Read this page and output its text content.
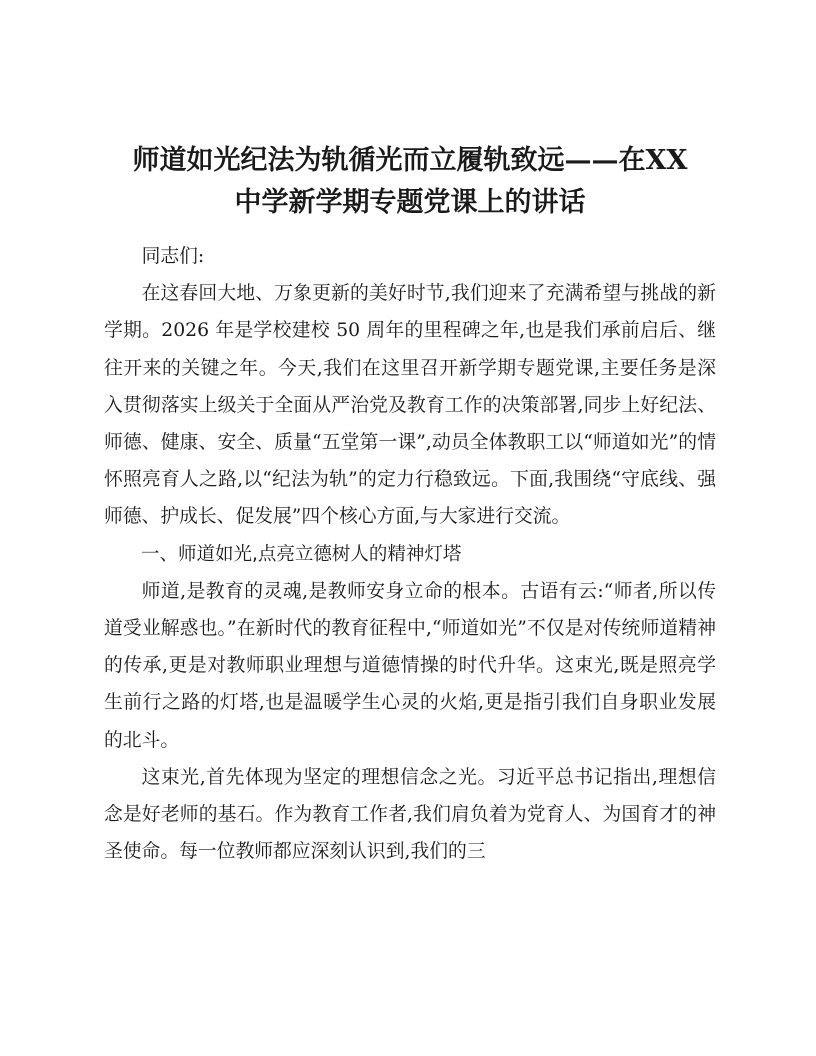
师道如光纪法为轨循光而立履轨致远——在XX
中学新学期专题党课上的讲话

同志们:

在这春回大地、万象更新的美好时节,我们迎来了充满希望与挑战的新学期。2026 年是学校建校 50 周年的里程碑之年,也是我们承前启后、继往开来的关键之年。今天,我们在这里召开新学期专题党课,主要任务是深入贯彻落实上级关于全面从严治党及教育工作的决策部署,同步上好纪法、师德、健康、安全、质量“五堂第一课”,动员全体教职工以“师道如光”的情怀照亮育人之路,以“纪法为轨”的定力行稳致远。下面,我围绕“守底线、强师德、护成长、促发展”四个核心方面,与大家进行交流。

一、师道如光,点亮立德树人的精神灯塔

师道,是教育的灵魂,是教师安身立命的根本。古语有云:“师者,所以传道受业解惑也。”在新时代的教育征程中,“师道如光”不仅是对传统师道精神的传承,更是对教师职业理想与道德情操的时代升华。这束光,既是照亮学生前行之路的灯塔,也是温暖学生心灵的火焰,更是指引我们自身职业发展的北斗。

这束光,首先体现为坚定的理想信念之光。习近平总书记指出,理想信念是好老师的基石。作为教育工作者,我们肩负着为党育人、为国育才的神圣使命。每一位教师都应深刻认识到,我们的三
